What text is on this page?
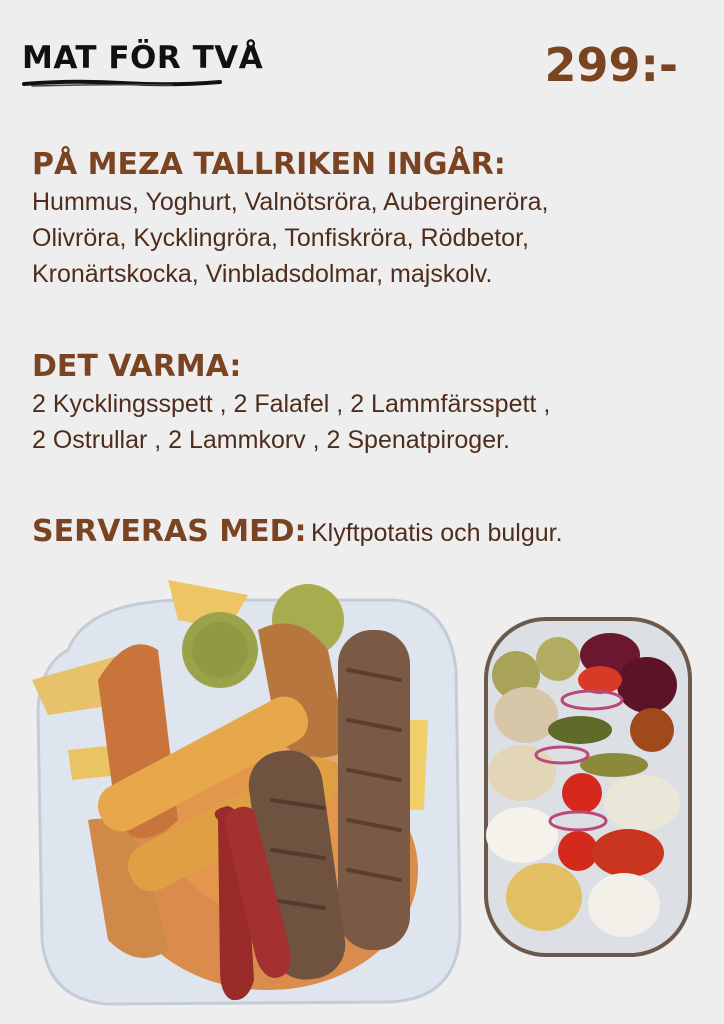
MAT FÖR TVÅ	299:-
PÅ MEZA TALLRIKEN INGÅR:

Hummus, Yoghurt, Valnötsröra, Aubergineröra,

Olivröra, Kycklingröra, Tonfiskröra, Rödbetor,

Kronärtskocka, Vinbladsdolmar, majskolv.

DET VARMA:

2 Kycklingsspett , 2 Falafel , 2 Lammfärsspett ,

2 Ostrullar , 2 Lammkorv , 2 Spenatpiroger.

SERVERAS MED: Klyftpotatis och bulgur.
